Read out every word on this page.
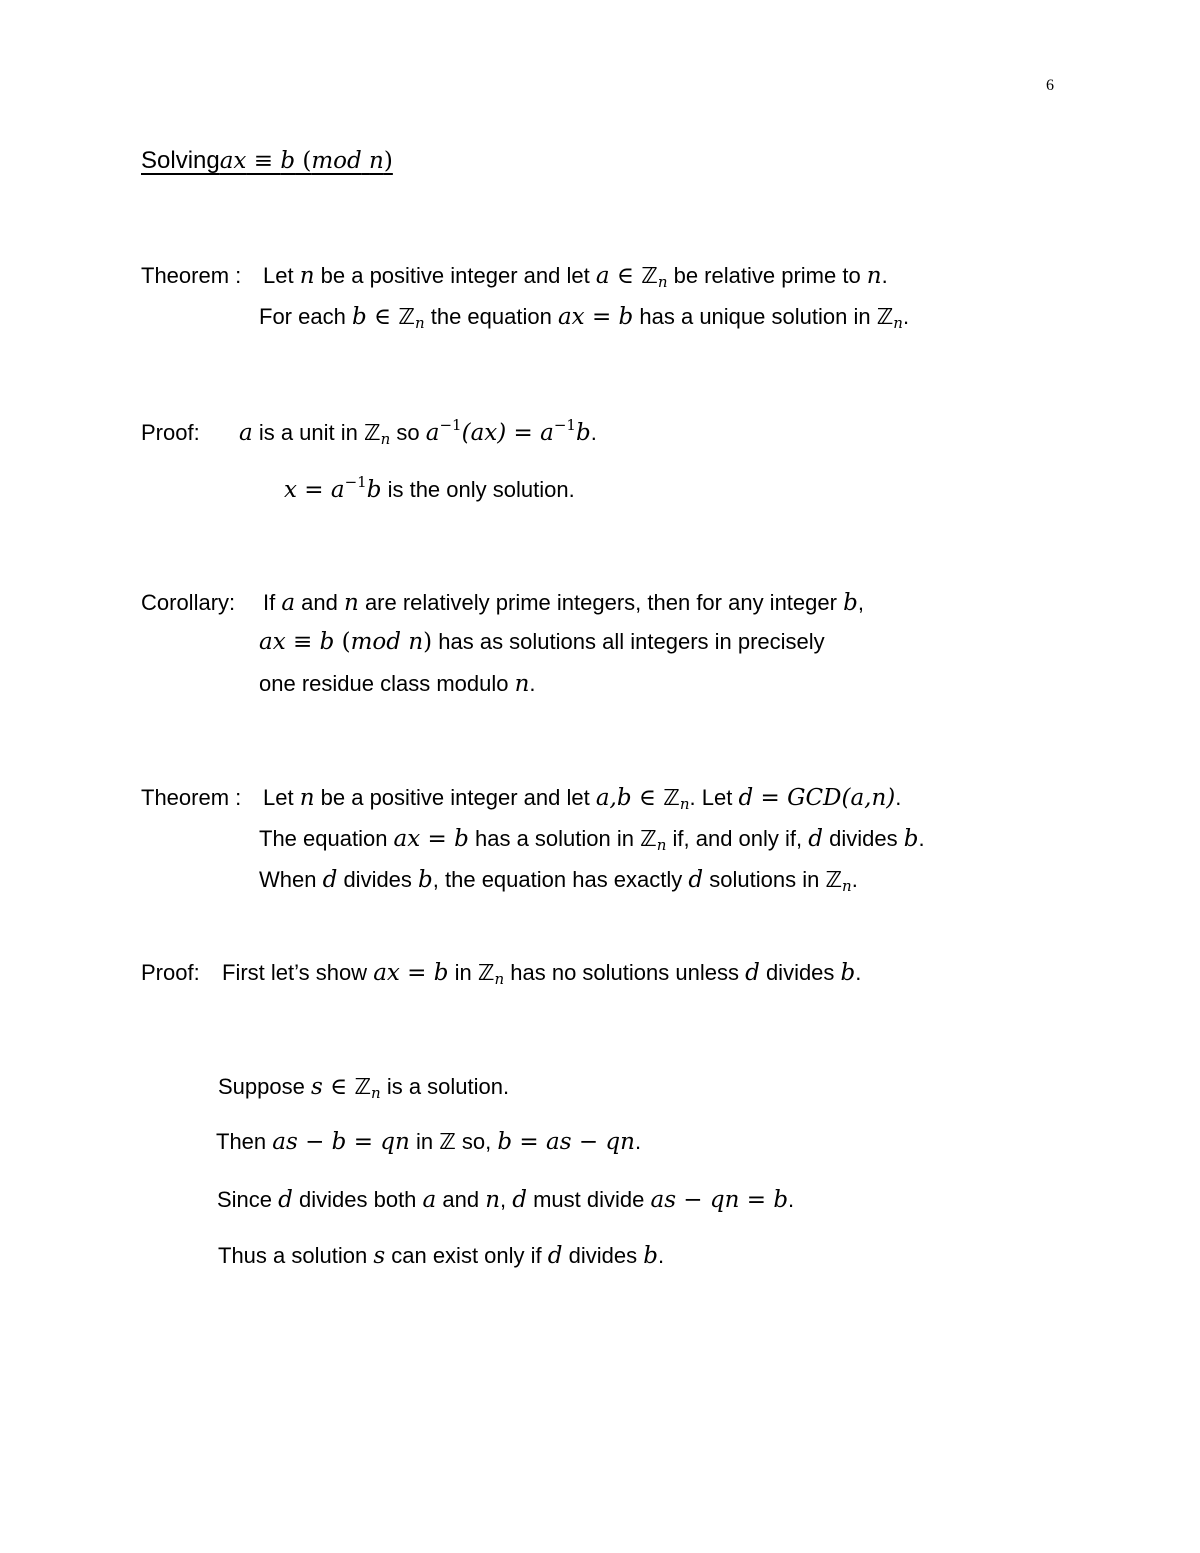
6
Solvingax ≡ b (mod n)
Theorem : Let n be a positive integer and let a ∈ ℤ$_n$ be relative prime to n.
For each b ∈ ℤ$_n$ the equation ax = b has a unique solution in ℤ$_n$.
Proof: a is a unit in ℤ$_n$ so $a^{-1}(ax) = a^{-1}b$.
$x = a^{-1}b$ is the only solution.
Corollary: If a and n are relatively prime integers, then for any integer b,
ax ≡ b (mod n) has as solutions all integers in precisely
one residue class modulo n.
Theorem : Let n be a positive integer and let a,b ∈ ℤ$_n$. Let d = GCD(a,n).
The equation ax = b has a solution in ℤ$_n$ if, and only if, d divides b.
When d divides b, the equation has exactly d solutions in ℤ$_n$.
Proof: First let’s show ax = b in ℤ$_n$ has no solutions unless d divides b.
Suppose s ∈ ℤ$_n$ is a solution.
Then as − b = qn in ℤ so, b = as − qn.
Since d divides both a and n, d must divide as − qn = b.
Thus a solution s can exist only if d divides b.
